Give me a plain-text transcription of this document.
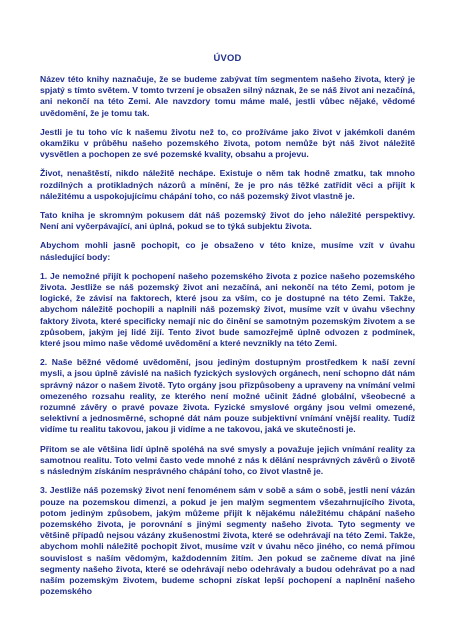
ÚVOD

Název této knihy naznačuje, že se budeme zabývat tím segmentem našeho života, který je spjatý s tímto světem. V tomto tvrzení je obsažen silný náznak, že se náš život ani nezačíná, ani nekončí na této Zemi. Ale navzdory tomu máme malé, jestli vůbec nějaké, vědomé uvědomění, že je tomu tak.

Jestli je tu toho víc k našemu životu než to, co prožíváme jako život v jakémkoli daném okamžiku v průběhu našeho pozemského života, potom nemůže být náš život náležitě vysvětlen a pochopen ze své pozemské kvality, obsahu a projevu.

Život, nenaštěstí, nikdo náležitě nechápe. Existuje o něm tak hodně zmatku, tak mnoho rozdílných a protikladných názorů a mínění, že je pro nás těžké zatřídit věci a přijít k náležitému a uspokojujícímu chápání toho, co náš pozemský život vlastně je.

Tato kniha je skromným pokusem dát náš pozemský život do jeho náležité perspektivy. Není ani vyčerpávající, ani úplná, pokud se to týká subjektu života.

Abychom mohli jasně pochopit, co je obsaženo v této knize, musíme vzít v úvahu následující body:

1. Je nemožné přijít k pochopení našeho pozemského života z pozice našeho pozemského života. Jestliže se náš pozemský život ani nezačíná, ani nekončí na této Zemi, potom je logické, že závisí na faktorech, které jsou za vším, co je dostupné na této Zemi. Takže, abychom náležitě pochopili a naplnili náš pozemský život, musíme vzít v úvahu všechny faktory života, které specificky nemají nic do činění se samotným pozemským životem a se způsobem, jakým jej lidé žijí. Tento život bude samozřejmě úplně odvozen z podmínek, které jsou mimo naše vědomé uvědomění a které nevznikly na této Zemi.

2. Naše běžné vědomé uvědomění, jsou jediným dostupným prostředkem k naší zevní mysli, a jsou úplně závislé na našich fyzických syslových orgánech, není schopno dát nám správný názor o našem životě. Tyto orgány jsou přizpůsobeny a upraveny na vnímání velmi omezeného rozsahu reality, ze kterého není možné učinit žádné globální, všeobecné a rozumné závěry o pravé povaze života. Fyzické smyslové orgány jsou velmi omezené, selektivní a jednosměrné, schopné dát nám pouze subjektivní vnímání vnější reality. Tudíž vidíme tu realitu takovou, jakou ji vidíme a ne takovou, jaká ve skutečnosti je.

Přitom se ale většina lidí úplně spoléhá na své smysly a považuje jejich vnímání reality za samotnou realitu. Toto velmi často vede mnohé z nás k dělání nesprávných závěrů o životě s následným získáním nesprávného chápání toho, co život vlastně je.

3. Jestliže náš pozemský život není fenoménem sám v sobě a sám o sobě, jestli není vázán pouze na pozemskou dimenzi, a pokud je jen malým segmentem všezahrnujícího života, potom jediným způsobem, jakým můžeme přijít k nějakému náležitému chápání našeho pozemského života, je porovnání s jinými segmenty našeho života. Tyto segmenty ve většině případů nejsou vázány zkušenostmi života, které se odehrávají na této Zemi. Takže, abychom mohli náležitě pochopit život, musíme vzít v úvahu něco jiného, co nemá přímou souvislost s naším vědomým, každodenním žitím. Jen pokud se začneme dívat na jiné segmenty našeho života, které se odehrávají nebo odehrávaly a budou odehrávat po a nad naším pozemským životem, budeme schopni získat lepší pochopení a naplnění našeho pozemského
